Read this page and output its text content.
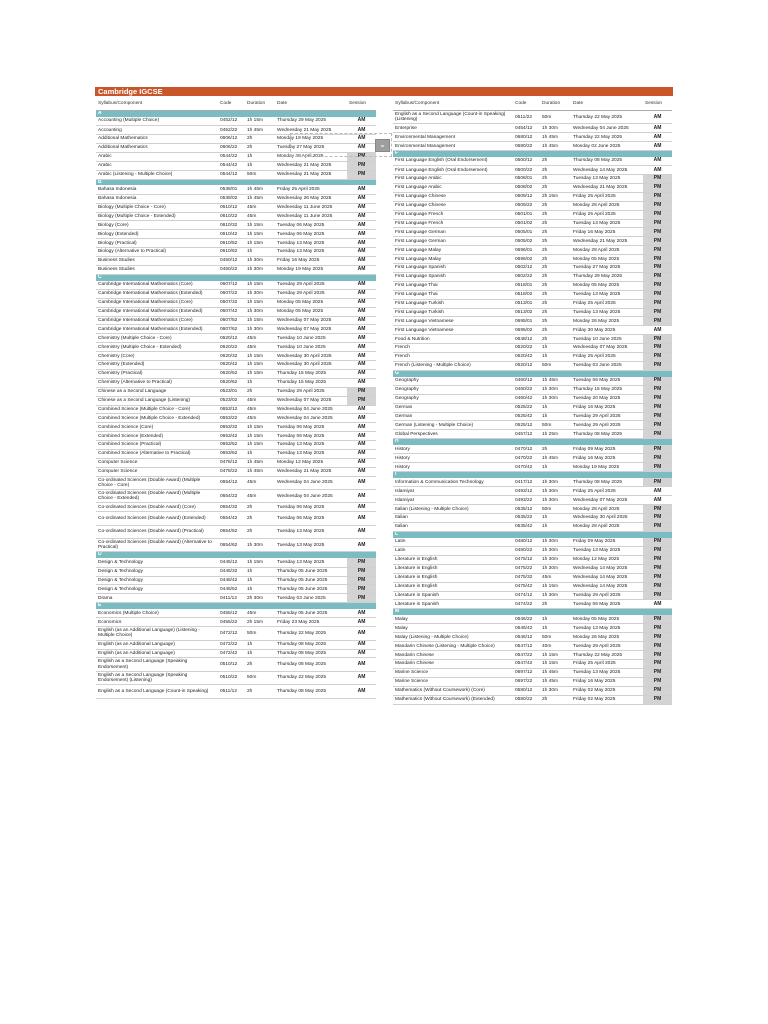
Cambridge IGCSE
Syllabus/Component	Code	Duration	Date	Session
A				
Accounting (Multiple Choice)	0452/12	1h 15m	Thursday 29 May 2025	AM
Accounting	0452/22	1h 45m	Wednesday 21 May 2025	AM
Additional Mathematics	0606/12	2h	Monday 19 May 2025	AM
Additional Mathematics	0606/22	2h	Tuesday 27 May 2025	AM
Arabic	0544/22	1h	Monday 28 April 2025	PM
Arabic	0544/42	1h	Wednesday 21 May 2025	PM
Arabic (Listening - Multiple Choice)	0544/12	50m	Wednesday 21 May 2025	PM
B				
Bahasa Indonesia	0538/01	1h 45m	Friday 25 April 2025	AM
Bahasa Indonesia	0538/02	1h 45m	Wednesday 26 May 2025	AM
Biology (Multiple Choice - Core)	0610/12	45m	Wednesday 11 June 2025	AM
Biology (Multiple Choice - Extended)	0610/22	45m	Wednesday 11 June 2025	AM
Biology (Core)	0610/32	1h 15m	Tuesday 06 May 2025	AM
Biology (Extended)	0610/42	1h 15m	Tuesday 06 May 2025	AM
Biology (Practical)	0610/52	1h 15m	Tuesday 13 May 2025	AM
Biology (Alternative to Practical)	0610/62	1h	Tuesday 13 May 2025	AM
Business Studies	0450/12	1h 30m	Friday 16 May 2025	AM
Business Studies	0450/22	1h 30m	Monday 19 May 2025	AM
C				
Cambridge International Mathematics (Core)	0607/12	1h 15m	Tuesday 29 April 2025	AM
Cambridge International Mathematics (Extended)	0607/22	1h 30m	Tuesday 29 April 2025	AM
Cambridge International Mathematics (Core)	0607/32	1h 15m	Monday 05 May 2025	AM
Cambridge International Mathematics (Extended)	0607/42	1h 30m	Monday 05 May 2025	AM
Cambridge International Mathematics (Core)	0607/52	1h 15m	Wednesday 07 May 2025	AM
Cambridge International Mathematics (Extended)	0607/62	1h 30m	Wednesday 07 May 2025	AM
Chemistry (Multiple Choice - Core)	0620/12	45m	Tuesday 10 June 2025	AM
Chemistry (Multiple Choice - Extended)	0620/22	45m	Tuesday 10 June 2025	AM
Chemistry (Core)	0620/32	1h 15m	Wednesday 30 April 2025	AM
Chemistry (Extended)	0620/42	1h 15m	Wednesday 30 April 2025	AM
Chemistry (Practical)	0620/52	1h 15m	Thursday 15 May 2025	AM
Chemistry (Alternative to Practical)	0620/62	1h	Thursday 15 May 2025	AM
Chinese as a Second Language	0523/01	2h	Tuesday 29 April 2025	PM
Chinese as a Second Language (Listening)	0523/02	45m	Wednesday 07 May 2025	PM
Combined Science (Multiple Choice - Core)	0653/12	45m	Wednesday 04 June 2025	AM
Combined Science (Multiple Choice - Extended)	0653/22	45m	Wednesday 04 June 2025	AM
Combined Science (Core)	0653/32	1h 15m	Tuesday 06 May 2025	AM
Combined Science (Extended)	0653/42	1h 15m	Tuesday 06 May 2025	AM
Combined Science (Practical)	0653/52	1h 15m	Tuesday 13 May 2025	AM
Combined Science (Alternative to Practical)	0653/62	1h	Tuesday 13 May 2025	AM
Computer Science	0478/12	1h 45m	Monday 12 May 2025	AM
Computer Science	0478/22	1h 45m	Wednesday 21 May 2025	AM
Co-ordinated Sciences (Double Award) (Multiple Choice - Core)	0654/12	45m	Wednesday 04 June 2025	AM
Co-ordinated Sciences (Double Award) (Multiple Choice - Extended)	0654/22	45m	Wednesday 04 June 2025	AM
Co-ordinated Sciences (Double Award) (Core)	0654/32	2h	Tuesday 06 May 2025	AM
Co-ordinated Sciences (Double Award) (Extended)	0654/42	2h	Tuesday 06 May 2025	AM
Co-ordinated Sciences (Double Award) (Practical)	0654/52	2h	Tuesday 13 May 2025	AM
Co-ordinated Sciences (Double Award) (Alternative to Practical)	0654/62	1h 30m	Tuesday 13 May 2025	AM
D				
Design & Technology	0445/12	1h 15m	Tuesday 13 May 2025	PM
Design & Technology	0445/32	1h	Thursday 05 June 2025	PM
Design & Technology	0445/42	1h	Thursday 05 June 2025	PM
Design & Technology	0445/52	1h	Thursday 05 June 2025	PM
Drama	0411/12	2h 30m	Tuesday 03 June 2025	PM
E				
Economics (Multiple Choice)	0455/12	45m	Thursday 05 June 2025	AM
Economics	0455/22	2h 15m	Friday 23 May 2025	AM
English (as an Additional Language) (Listening - Multiple Choice)	0472/12	50m	Thursday 22 May 2025	AM
English (as an Additional Language)	0472/22	1h	Thursday 08 May 2025	AM
English (as an Additional Language)	0472/42	1h	Thursday 08 May 2025	AM
English as a Second Language (Speaking Endorsement)	0510/12	2h	Thursday 08 May 2025	AM
English as a Second Language (Speaking Endorsement) (Listening)	0510/22	50m	Thursday 22 May 2025	AM
English as a Second Language (Count-in Speaking)	0511/12	2h	Thursday 08 May 2025	AM
Syllabus/Component	Code	Duration	Date	Session
English as a Second Language (Count-in Speaking) (Listening)	0511/22	50m	Thursday 22 May 2025	AM
Enterprise	0454/12	1h 30m	Wednesday 04 June 2025	AM
Environmental Management	0680/12	1h 45m	Thursday 22 May 2025	AM
Environmental Management	0680/22	1h 45m	Monday 02 June 2025	AM
F				
First Language English (Oral Endorsement)	0500/12	2h	Thursday 08 May 2025	AM
First Language English (Oral Endorsement)	0500/22	2h	Wednesday 14 May 2025	AM
First Language Arabic	0508/01	2h	Tuesday 13 May 2025	PM
First Language Arabic	0508/02	2h	Wednesday 21 May 2025	PM
First Language Chinese	0509/12	2h 15m	Friday 25 April 2025	PM
First Language Chinese	0509/22	2h	Monday 28 April 2025	PM
First Language French	0501/01	2h	Friday 25 April 2025	PM
First Language French	0501/02	2h	Tuesday 13 May 2025	PM
First Language German	0505/01	2h	Friday 16 May 2025	PM
First Language German	0505/02	2h	Wednesday 21 May 2025	PM
First Language Malay	0696/01	2h	Monday 28 April 2025	PM
First Language Malay	0696/02	2h	Monday 05 May 2025	PM
First Language Spanish	0502/12	2h	Tuesday 27 May 2025	PM
First Language Spanish	0502/22	2h	Thursday 29 May 2025	PM
First Language Thai	0518/01	2h	Monday 05 May 2025	PM
First Language Thai	0518/02	2h	Tuesday 13 May 2025	PM
First Language Turkish	0513/01	2h	Friday 25 April 2025	PM
First Language Turkish	0513/02	2h	Tuesday 13 May 2025	PM
First Language Vietnamese	0695/01	2h	Monday 26 May 2025	PM
First Language Vietnamese	0695/02	2h	Friday 30 May 2025	AM
Food & Nutrition	0648/12	2h	Tuesday 10 June 2025	PM
French	0520/22	1h	Wednesday 07 May 2025	PM
French	0520/42	1h	Friday 25 April 2025	PM
French (Listening - Multiple Choice)	0520/12	50m	Tuesday 03 June 2025	PM
G				
Geography	0460/12	1h 45m	Tuesday 06 May 2025	PM
Geography	0460/22	1h 30m	Thursday 15 May 2025	PM
Geography	0460/42	1h 30m	Tuesday 20 May 2025	PM
German	0525/22	1h	Friday 16 May 2025	PM
German	0525/42	1h	Tuesday 29 April 2025	PM
German (Listening - Multiple Choice)	0525/12	50m	Tuesday 29 April 2025	PM
Global Perspectives	0457/12	1h 25m	Thursday 08 May 2025	PM
H				
History	0470/12	2h	Friday 09 May 2025	PM
History	0470/22	1h 45m	Friday 16 May 2025	PM
History	0470/42	1h	Monday 19 May 2025	PM
I				
Information & Communication Technology	0417/12	1h 30m	Thursday 08 May 2025	PM
Islamiyat	0493/12	1h 30m	Friday 25 April 2025	AM
Islamiyat	0493/22	1h 30m	Wednesday 07 May 2025	AM
Italian (Listening - Multiple Choice)	0535/12	50m	Monday 28 April 2025	PM
Italian	0535/22	1h	Wednesday 30 April 2025	PM
Italian	0535/42	1h	Monday 28 April 2025	PM
L				
Latin	0480/12	1h 30m	Friday 09 May 2025	PM
Latin	0480/22	1h 30m	Tuesday 13 May 2025	PM
Literature in English	0475/12	1h 30m	Monday 12 May 2025	PM
Literature in English	0475/22	1h 30m	Wednesday 14 May 2025	PM
Literature in English	0475/32	45m	Wednesday 14 May 2025	PM
Literature in English	0475/42	1h 15m	Wednesday 14 May 2025	PM
Literature in Spanish	0474/12	1h 30m	Tuesday 29 April 2025	PM
Literature in Spanish	0474/22	2h	Tuesday 06 May 2025	AM
M				
Malay	0546/22	1h	Monday 05 May 2025	PM
Malay	0546/42	1h	Tuesday 13 May 2025	PM
Malay (Listening - Multiple Choice)	0546/12	50m	Monday 26 May 2025	PM
Mandarin Chinese (Listening - Multiple Choice)	0547/12	40m	Tuesday 29 April 2025	PM
Mandarin Chinese	0547/22	1h 15m	Thursday 22 May 2025	PM
Mandarin Chinese	0547/42	1h 15m	Friday 25 April 2025	PM
Marine Science	0697/12	1h 45m	Tuesday 13 May 2025	PM
Marine Science	0697/22	1h 45m	Friday 16 May 2025	PM
Mathematics (Without Coursework) (Core)	0580/12	1h 30m	Friday 02 May 2025	PM
Mathematics (Without Coursework) (Extended)	0580/22	2h	Friday 02 May 2025	PM
⌄
